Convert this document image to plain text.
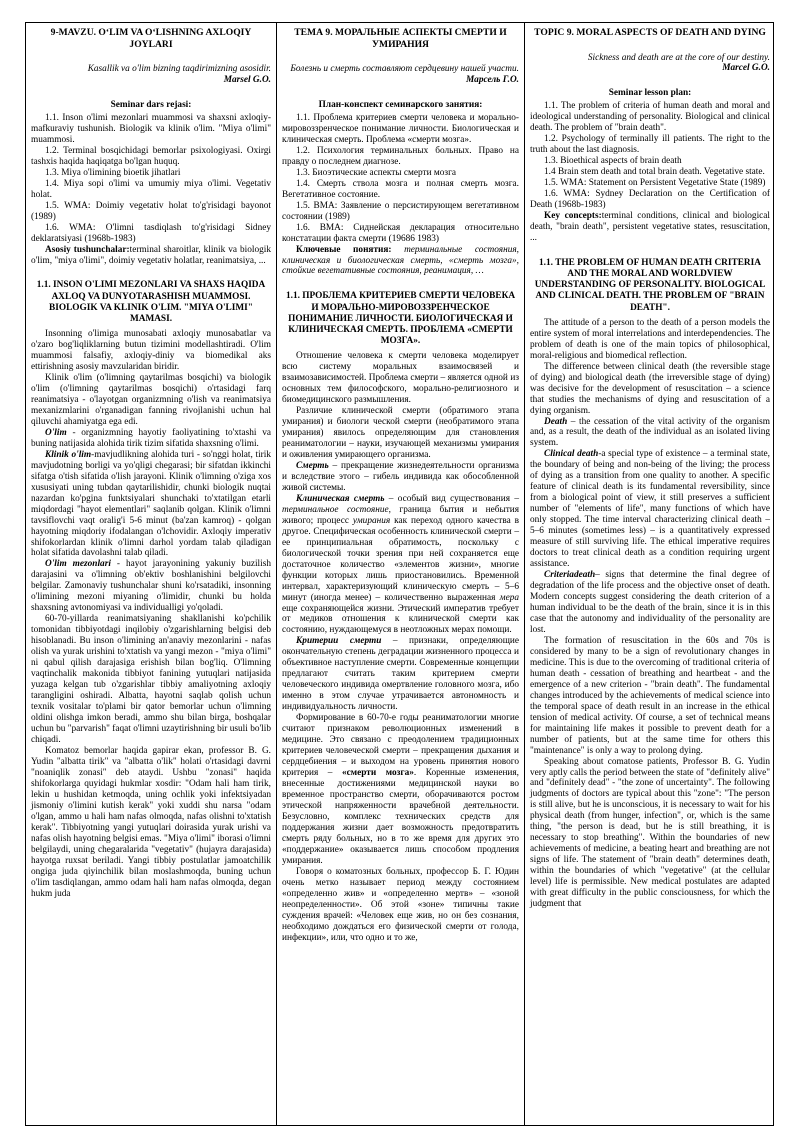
9-MAVZU. O‘LIM VA O‘LISHNING AXLOQIY JOYLARI

Kasallik va o'lim bizning taqdirimizning asosidir.

Marsel G.O.

Seminar dars rejasi:

1.1. Inson o'limi mezonlari muammosi va shaxsni axloqiy-mafkuraviy tushunish. Biologik va klinik o'lim. "Miya o'limi" muammosi.

1.2. Terminal bosqichidagi bemorlar psixologiyasi. Oxirgi tashxis haqida haqiqatga bo'lgan huquq.

1.3. Miya o'limining bioetik jihatlari

1.4. Miya sopi o'limi va umumiy miya o'limi. Vegetativ holat.

1.5. WMA: Doimiy vegetativ holat to'g'risidagi bayonot (1989)

1.6. WMA: O'limni tasdiqlash to'g'risidagi Sidney deklaratsiyasi (1968b-1983)

Asosiy tushunchalar:terminal sharoitlar, klinik va biologik o'lim, "miya o'limi", doimiy vegetativ holatlar, reanimatsiya, ...

1.1. INSON O'LIMI MEZONLARI VA SHAXS HAQIDA AXLOQ VA DUNYOTARASHISH MUAMMOSI. BIOLOGIK VA KLINIK O'LIM. "MIYA O'LIMI" MAMASI.

Insonning o'limiga munosabati axloqiy munosabatlar va o'zaro bog'liqliklarning butun tizimini modellashtiradi. O'lim muammosi falsafiy, axloqiy-diniy va biomedikal aks ettirishning asosiy mavzularidan biridir.

Klinik o'lim (o'limning qaytarilmas bosqichi) va biologik o'lim (o'limning qaytarilmas bosqichi) o'rtasidagi farq reanimatsiya - o'layotgan organizmning o'lish va reanimatsiya mexanizmlarini o'rganadigan fanning rivojlanishi uchun hal qiluvchi ahamiyatga ega edi.

O'lim - organizmning hayotiy faoliyatining to'xtashi va buning natijasida alohida tirik tizim sifatida shaxsning o'limi.

Klinik o'lim-mavjudlikning alohida turi - so'nggi holat, tirik mavjudotning borligi va yo'qligi chegarasi; bir sifatdan ikkinchi sifatga o'tish sifatida o'lish jarayoni. Klinik o'limning o'ziga xos xususiyati uning tubdan qaytarilishidir, chunki biologik nuqtai nazardan ko'pgina funktsiyalari shunchaki to'xtatilgan etarli miqdordagi "hayot elementlari" saqlanib qolgan. Klinik o'limni tavsiflovchi vaqt oralig'i 5-6 minut (ba'zan kamroq) - qolgan hayotning miqdoriy ifodalangan o'lchovidir. Axloqiy imperativ shifokorlardan klinik o'limni darhol yordam talab qiladigan holat sifatida davolashni talab qiladi.

O'lim mezonlari - hayot jarayonining yakuniy buzilish darajasini va o'limning ob'ektiv boshlanishini belgilovchi belgilar. Zamonaviy tushunchalar shuni ko'rsatadiki, insonning o'limining mezoni miyaning o'limidir, chunki bu holda shaxsning avtonomiyasi va individualligi yo'qoladi.

60-70-yillarda reanimatsiyaning shakllanishi ko'pchilik tomonidan tibbiyotdagi inqilobiy o'zgarishlarning belgisi deb hisoblanadi. Bu inson o'limining an'anaviy mezonlarini - nafas olish va yurak urishini to'xtatish va yangi mezon - "miya o'limi" ni qabul qilish darajasiga erishish bilan bog'liq. O'limning vaqtinchalik makonida tibbiyot fanining yutuqlari natijasida yuzaga kelgan tub o'zgarishlar tibbiy amaliyotning axloqiy tarangligini oshiradi. Albatta, hayotni saqlab qolish uchun texnik vositalar to'plami bir qator bemorlar uchun o'limning oldini olishga imkon beradi, ammo shu bilan birga, boshqalar uchun bu "parvarish" faqat o'limni uzaytirishning bir usuli bo'lib chiqadi.

Komatoz bemorlar haqida gapirar ekan, professor B. G. Yudin "albatta tirik" va "albatta o'lik" holati o'rtasidagi davrni "noaniqlik zonasi" deb ataydi. Ushbu "zonasi" haqida shifokorlarga quyidagi hukmlar xosdir: "Odam hali ham tirik, lekin u hushidan ketmoqda, uning ochlik yoki infektsiyadan jismoniy o'limini kutish kerak" yoki xuddi shu narsa "odam o'lgan, ammo u hali ham nafas olmoqda, nafas olishni to'xtatish kerak". Tibbiyotning yangi yutuqlari doirasida yurak urishi va nafas olish hayotning belgisi emas. "Miya o'limi" iborasi o'limni belgilaydi, uning chegaralarida "vegetativ" (hujayra darajasida) hayotga ruxsat beriladi. Yangi tibbiy postulatlar jamoatchilik ongiga juda qiyinchilik bilan moslashmoqda, buning uchun o'lim tasdiqlangan, ammo odam hali ham nafas olmoqda, degan hukm juda

ТЕМА 9. МОРАЛЬНЫЕ АСПЕКТЫ СМЕРТИ И УМИРАНИЯ

Болезнь и смерть составляют сердцевину нашей участи.

Марсель Г.О.

План-конспект семинарского занятия:

1.1. Проблема критериев смерти человека и морально-мировоззренческое понимание личности. Биологическая и клиническая смерть. Проблема «смерти мозга».

1.2. Психология терминальных больных. Право на правду о последнем диагнозе.

1.3. Биоэтические аспекты смерти мозга

1.4. Смерть ствола мозга и полная смерть мозга. Вегетативное состояние.

1.5. ВМА: Заявление о персистирующем вегетативном состоянии (1989)

1.6. ВМА: Сиднейская декларация относительно констатации факта смерти (19686 1983)

Ключевые понятия: терминальные состояния, клиническая и биологическая смерть, «смерть мозга», стойкие вегетативные состояния, реанимация, …

1.1. ПРОБЛЕМА КРИТЕРИЕВ СМЕРТИ ЧЕЛОВЕКА И МОРАЛЬНО-МИРОВОЗЗРЕНЧЕСКОЕ ПОНИМАНИЕ ЛИЧНОСТИ. БИОЛОГИЧЕСКАЯ И КЛИНИЧЕСКАЯ СМЕРТЬ. ПРОБЛЕМА «СМЕРТИ МОЗГА».

Отношение человека к смерти человека моделирует всю систему моральных взаимосвязей и взаимозависимостей. Проблема смерти – является одной из основных тем философского, морально-религиозного и биомедицинского размышления.

Различие клинической смерти (обратимого этапа умирания) и биологи ческой смерти (необратимого этапа умирания) явилось определяющим для становления реаниматологии – науки, изучающей механизмы умирания и оживления умирающего организма.

Смерть – прекращение жизнедеятельности организма и вследствие этого – гибель индивида как обособленной живой системы.

Клиническая смерть – особый вид существования – терминальное состояние, граница бытия и небытия живого; процесс умирания как переход одного качества в другое. Специфическая особенность клинической смерти – ее принципиальная обратимость, поскольку с биологической точки зрения при ней сохраняется еще достаточное количество «элементов жизни», многие функции которых лишь приостановились. Временной интервал, характеризующий клиническую смерть – 5–6 минут (иногда менее) – количественно выраженная мера еще сохраняющейся жизни. Этический императив требует от медиков отношения к клинической смерти как состоянию, нуждающемуся в неотложных мерах помощи.

Критерии смерти – признаки, определяющие окончательную степень деградации жизненного процесса и объективное наступление смерти. Современные концепции предлагают считать таким критерием смерти человеческого индивида омертвление головного мозга, ибо именно в этом случае утрачивается автономность и индивидуальность личности.

Формирование в 60-70-е годы реаниматологии многие считают признаком революционных изменений в медицине. Это связано с преодолением традиционных критериев человеческой смерти – прекращения дыхания и сердцебиения – и выходом на уровень принятия нового критерия – «смерти мозга». Коренные изменения, внесенные достижениями медицинской науки во временное пространство смерти, оборачиваются ростом этической напряженности врачебной деятельности. Безусловно, комплекс технических средств для поддержания жизни дает возможность предотвратить смерть ряду больных, но в то же время для других это «поддержание» оказывается лишь способом продления умирания.

Говоря о коматозных больных, профессор Б. Г. Юдин очень метко называет период между состоянием «определенно жив» и «определенно мертв» – «зоной неопределенности». Об этой «зоне» типичны такие суждения врачей: «Человек еще жив, но он без сознания, необходимо дождаться его физической смерти от голода, инфекции», или, что одно и то же,

TOPIC 9. MORAL ASPECTS OF DEATH AND DYING

Sickness and death are at the core of our destiny.

Marcel G.O.

Seminar lesson plan:

1.1. The problem of criteria of human death and moral and ideological understanding of personality. Biological and clinical death. The problem of "brain death".

1.2. Psychology of terminally ill patients. The right to the truth about the last diagnosis.

1.3. Bioethical aspects of brain death

1.4 Brain stem death and total brain death. Vegetative state.

1.5. WMA: Statement on Persistent Vegetative State (1989)

1.6. WMA: Sydney Declaration on the Certification of Death (1968b-1983)

Key concepts:terminal conditions, clinical and biological death, "brain death", persistent vegetative states, resuscitation, ...

1.1. THE PROBLEM OF HUMAN DEATH CRITERIA AND THE MORAL AND WORLDVIEW UNDERSTANDING OF PERSONALITY. BIOLOGICAL AND CLINICAL DEATH. THE PROBLEM OF "BRAIN DEATH".

The attitude of a person to the death of a person models the entire system of moral interrelations and interdependencies. The problem of death is one of the main topics of philosophical, moral-religious and biomedical reflection.

The difference between clinical death (the reversible stage of dying) and biological death (the irreversible stage of dying) was decisive for the development of resuscitation – a science that studies the mechanisms of dying and resuscitation of a dying organism.

Death – the cessation of the vital activity of the organism and, as a result, the death of the individual as an isolated living system.

Clinical death-a special type of existence – a terminal state, the boundary of being and non-being of the living; the process of dying as a transition from one quality to another. A specific feature of clinical death is its fundamental reversibility, since from a biological point of view, it still preserves a sufficient number of "elements of life", many functions of which have only stopped. The time interval characterizing clinical death – 5–6 minutes (sometimes less) – is a quantitatively expressed measure of still surviving life. The ethical imperative requires doctors to treat clinical death as a condition requiring urgent assistance.

Criteriadeath– signs that determine the final degree of degradation of the life process and the objective onset of death. Modern concepts suggest considering the death criterion of a human individual to be the death of the brain, since it is in this case that the autonomy and individuality of the personality are lost.

The formation of resuscitation in the 60s and 70s is considered by many to be a sign of revolutionary changes in medicine. This is due to the overcoming of traditional criteria of human death - cessation of breathing and heartbeat - and the emergence of a new criterion - "brain death". The fundamental changes introduced by the achievements of medical science into the temporal space of death result in an increase in the ethical tension of medical activity. Of course, a set of technical means for maintaining life makes it possible to prevent death for a number of patients, but at the same time for others this "maintenance" is only a way to prolong dying.

Speaking about comatose patients, Professor B. G. Yudin very aptly calls the period between the state of "definitely alive" and "definitely dead" - "the zone of uncertainty". The following judgments of doctors are typical about this "zone": "The person is still alive, but he is unconscious, it is necessary to wait for his physical death (from hunger, infection", or, which is the same thing, "the person is dead, but he is still breathing, it is necessary to stop breathing". Within the boundaries of new achievements of medicine, a beating heart and breathing are not signs of life. The statement of "brain death" determines death, within the boundaries of which "vegetative" (at the cellular level) life is permissible. New medical postulates are adapted with great difficulty in the public consciousness, for which the judgment that
